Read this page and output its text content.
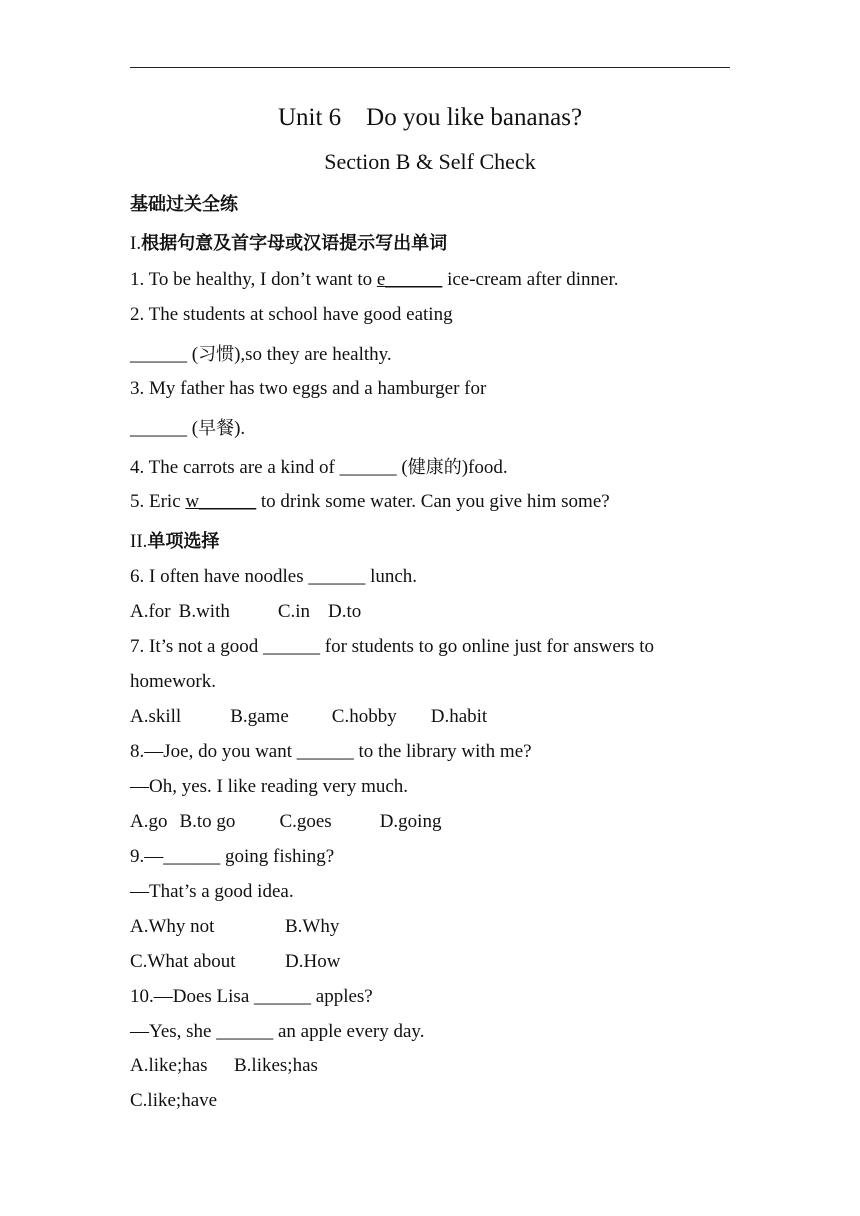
Unit 6    Do you like bananas?
Section B & Self Check
基础过关全练
I.根据句意及首字母或汉语提示写出单词
1. To be healthy, I don’t want to e______ ice-cream after dinner.
2. The students at school have good eating
______ (习惯),so they are healthy.
3. My father has two eggs and a hamburger for
______ (早餐).
4. The carrots are a kind of ______ (健康的)food.
5. Eric w______ to drink some water. Can you give him some?
II.单项选择
6. I often have noodles ______ lunch.
A.for B.with	C.in D.to
7. It’s not a good ______ for students to go online just for answers to
homework.
A.skill	B.game C.hobby D.habit
8.—Joe, do you want ______ to the library with me?
—Oh, yes. I like reading very much.
A.go B.to go C.goes	D.going
9.—______ going fishing?
—That’s a good idea.
A.Why not	B.Why
C.What about	D.How
10.—Does Lisa ______ apples?
—Yes, she ______ an apple every day.
A.like;has B.likes;has
C.like;have
